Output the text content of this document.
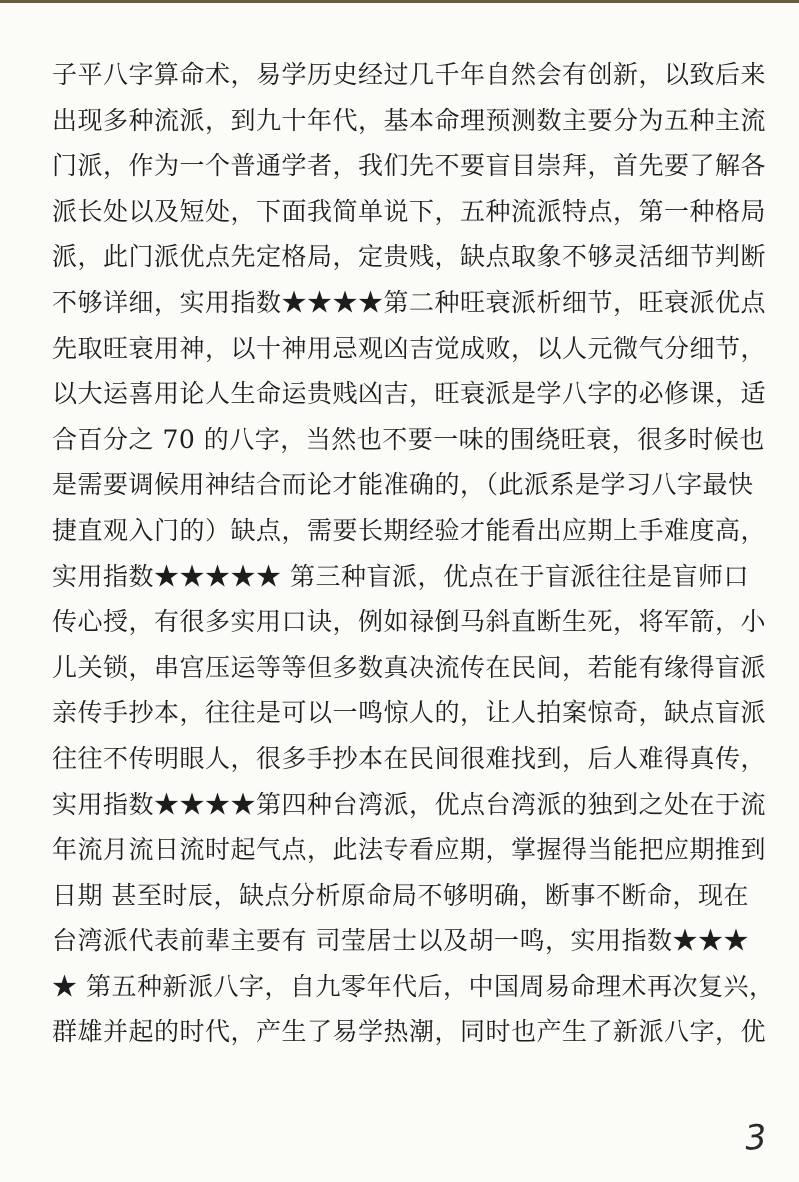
子平八字算命术，易学历史经过几千年自然会有创新，以致后来
出现多种流派，到九十年代，基本命理预测数主要分为五种主流
门派，作为一个普通学者，我们先不要盲目崇拜，首先要了解各
派长处以及短处，下面我简单说下，五种流派特点，第一种格局
派，此门派优点先定格局，定贵贱，缺点取象不够灵活细节判断
不够详细，实用指数★★★★第二种旺衰派析细节，旺衰派优点
先取旺衰用神，以十神用忌观凶吉觉成败，以人元微气分细节，
以大运喜用论人生命运贵贱凶吉，旺衰派是学八字的必修课，适
合百分之 70 的八字，当然也不要一味的围绕旺衰，很多时候也
是需要调候用神结合而论才能准确的，（此派系是学习八字最快
捷直观入门的）缺点，需要长期经验才能看出应期上手难度高，
实用指数★★★★★ 第三种盲派，优点在于盲派往往是盲师口
传心授，有很多实用口诀，例如禄倒马斜直断生死，将军箭，小
儿关锁，串宫压运等等但多数真决流传在民间，若能有缘得盲派
亲传手抄本，往往是可以一鸣惊人的，让人拍案惊奇，缺点盲派
往往不传明眼人，很多手抄本在民间很难找到，后人难得真传，
实用指数★★★★第四种台湾派，优点台湾派的独到之处在于流
年流月流日流时起气点，此法专看应期，掌握得当能把应期推到
日期 甚至时辰，缺点分析原命局不够明确，断事不断命，现在
台湾派代表前辈主要有 司莹居士以及胡一鸣，实用指数★★★
★ 第五种新派八字，自九零年代后，中国周易命理术再次复兴，
群雄并起的时代，产生了易学热潮，同时也产生了新派八字，优
3
